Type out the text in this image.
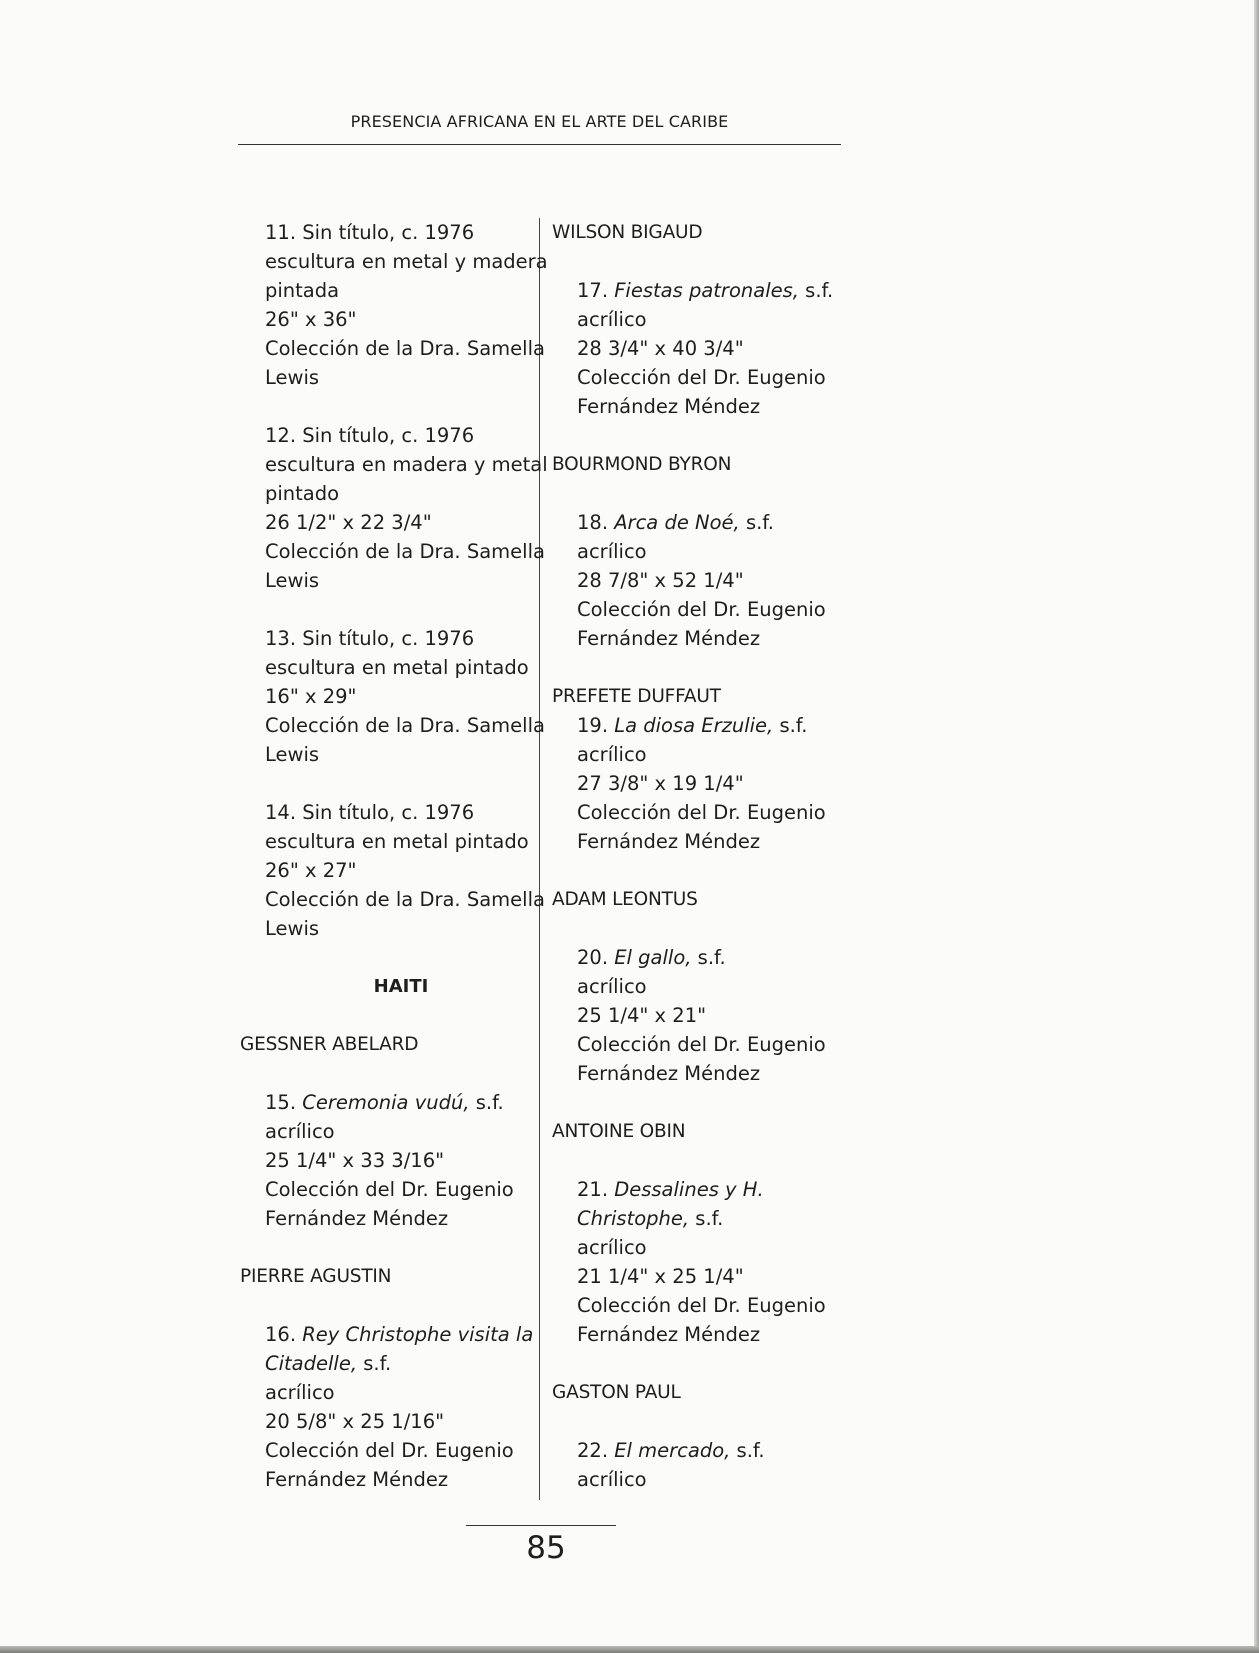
PRESENCIA AFRICANA EN EL ARTE DEL CARIBE
11. Sin título, c. 1976
escultura en metal y madera
pintada
26" x 36"
Colección de la Dra. Samella
Lewis
12. Sin título, c. 1976
escultura en madera y metal
pintado
26 1/2" x 22 3/4"
Colección de la Dra. Samella
Lewis
13. Sin título, c. 1976
escultura en metal pintado
16" x 29"
Colección de la Dra. Samella
Lewis
14. Sin título, c. 1976
escultura en metal pintado
26" x 27"
Colección de la Dra. Samella
Lewis
HAITI
GESSNER ABELARD
15. Ceremonia vudú, s.f.
acrílico
25 1/4" x 33 3/16"
Colección del Dr. Eugenio
Fernández Méndez
PIERRE AGUSTIN
16. Rey Christophe visita la
Citadelle, s.f.
acrílico
20 5/8" x 25 1/16"
Colección del Dr. Eugenio
Fernández Méndez
WILSON BIGAUD
17. Fiestas patronales, s.f.
acrílico
28 3/4" x 40 3/4"
Colección del Dr. Eugenio
Fernández Méndez
BOURMOND BYRON
18. Arca de Noé, s.f.
acrílico
28 7/8" x 52 1/4"
Colección del Dr. Eugenio
Fernández Méndez
PREFETE DUFFAUT
19. La diosa Erzulie, s.f.
acrílico
27 3/8" x 19 1/4"
Colección del Dr. Eugenio
Fernández Méndez
ADAM LEONTUS
20. El gallo, s.f.
acrílico
25 1/4" x 21"
Colección del Dr. Eugenio
Fernández Méndez
ANTOINE OBIN
21. Dessalines y H.
Christophe, s.f.
acrílico
21 1/4" x 25 1/4"
Colección del Dr. Eugenio
Fernández Méndez
GASTON PAUL
22. El mercado, s.f.
acrílico
85
